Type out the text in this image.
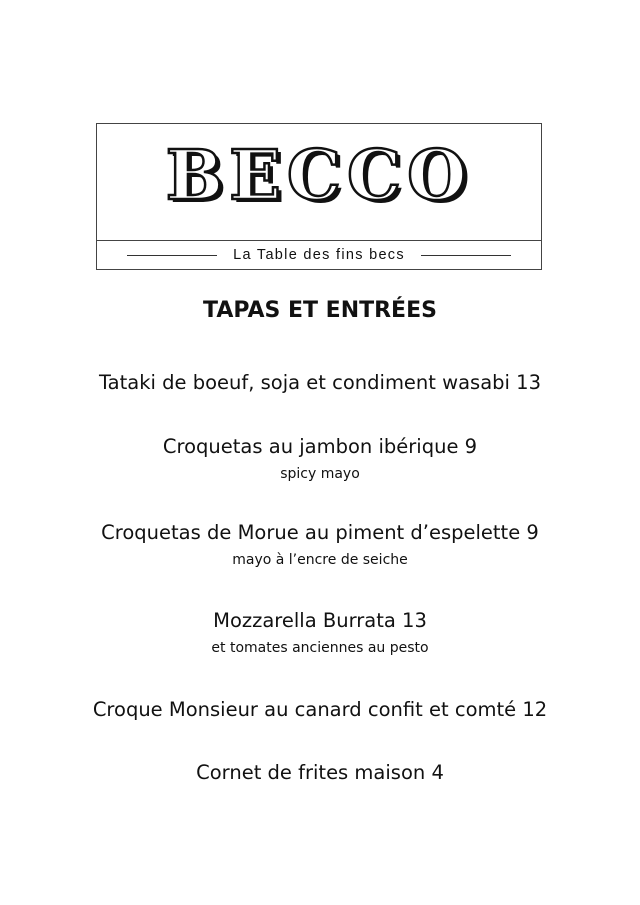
BECCO
La Table des fins becs
TAPAS ET ENTRÉES
Tataki de boeuf, soja et condiment wasabi 13
Croquetas au jambon ibérique 9
spicy mayo
Croquetas de Morue au piment d’espelette 9
mayo à l’encre de seiche
Mozzarella Burrata 13
et tomates anciennes au pesto
Croque Monsieur au canard confit et comté 12
Cornet de frites maison 4
